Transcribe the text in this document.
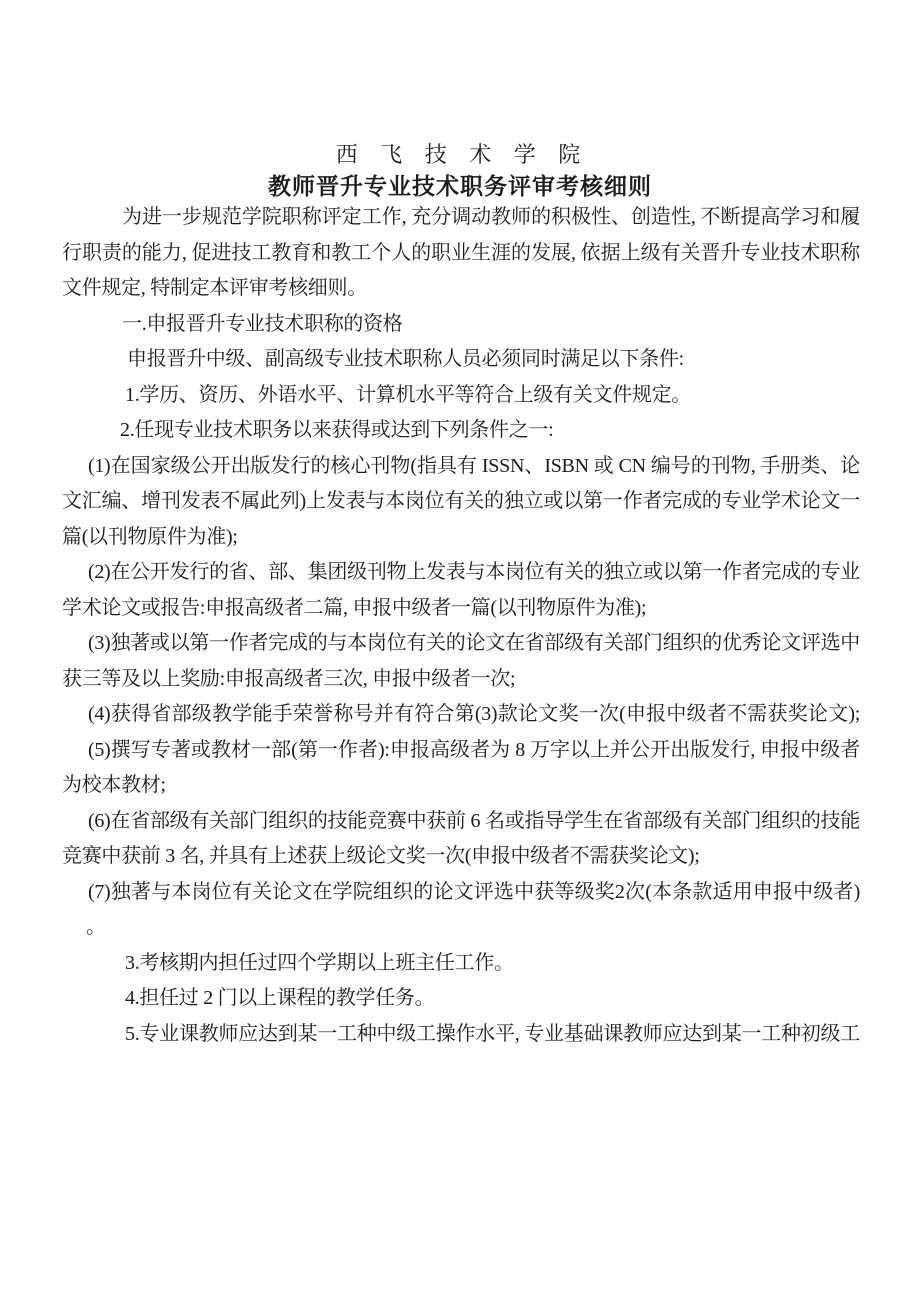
西 飞 技 术 学 院
教师晋升专业技术职务评审考核细则

为进一步规范学院职称评定工作, 充分调动教师的积极性、创造性, 不断提高学习和履行职责的能力, 促进技工教育和教工个人的职业生涯的发展, 依据上级有关晋升专业技术职称文件规定, 特制定本评审考核细则。

一.申报晋升专业技术职称的资格

申报晋升中级、副高级专业技术职称人员必须同时满足以下条件:

1.学历、资历、外语水平、计算机水平等符合上级有关文件规定。

2.任现专业技术职务以来获得或达到下列条件之一:

(1)在国家级公开出版发行的核心刊物(指具有 ISSN、ISBN 或 CN 编号的刊物, 手册类、论文汇编、增刊发表不属此列)上发表与本岗位有关的独立或以第一作者完成的专业学术论文一篇(以刊物原件为准);

(2)在公开发行的省、部、集团级刊物上发表与本岗位有关的独立或以第一作者完成的专业学术论文或报告:申报高级者二篇, 申报中级者一篇(以刊物原件为准);

(3)独著或以第一作者完成的与本岗位有关的论文在省部级有关部门组织的优秀论文评选中获三等及以上奖励:申报高级者三次, 申报中级者一次;

(4)获得省部级教学能手荣誉称号并有符合第(3)款论文奖一次(申报中级者不需获奖论文);

(5)撰写专著或教材一部(第一作者):申报高级者为 8 万字以上并公开出版发行, 申报中级者为校本教材;

(6)在省部级有关部门组织的技能竞赛中获前 6 名或指导学生在省部级有关部门组织的技能竞赛中获前 3 名, 并具有上述获上级论文奖一次(申报中级者不需获奖论文);

(7)独著与本岗位有关论文在学院组织的论文评选中获等级奖2次(本条款适用申报中级者)

。

3.考核期内担任过四个学期以上班主任工作。

4.担任过 2 门以上课程的教学任务。

5.专业课教师应达到某一工种中级工操作水平, 专业基础课教师应达到某一工种初级工
